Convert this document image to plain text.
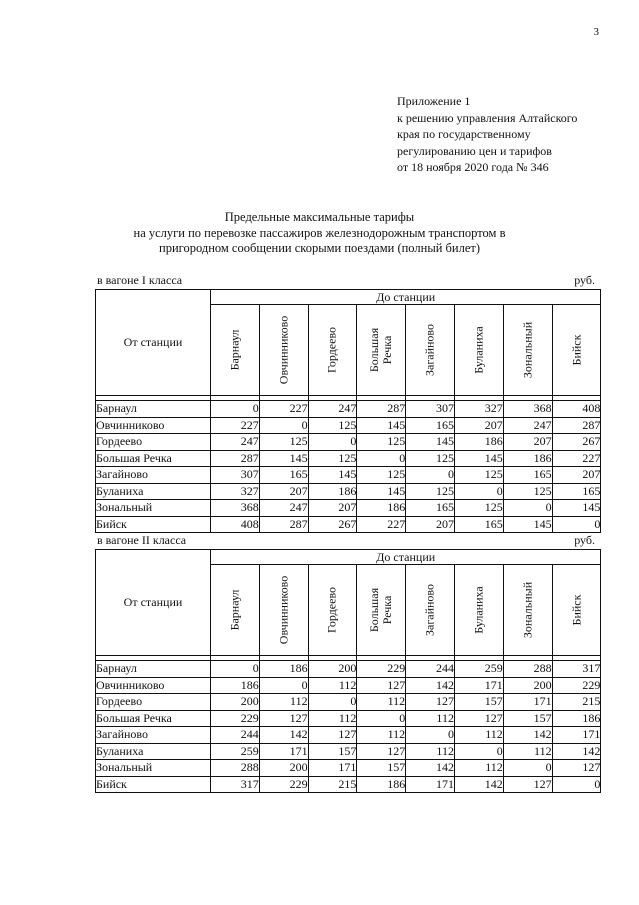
3
Приложение 1
к решению управления Алтайского
края по государственному
регулированию цен и тарифов
от 18 ноября 2020 года № 346
Предельные максимальные тарифы
на услуги по перевозке пассажиров железнодорожным транспортом в
пригородном сообщении скорыми поездами (полный билет)
в вагоне I класса	руб.
От станции	До станции							

	Барнаул	Овчинниково	Гордеево	Большая Речка	Загайново	Буланиха	Зональный	Бийск

Барнаул	0	227	247	287	307	327	368	408
Овчинниково	227	0	125	145	165	207	247	287
Гордеево	247	125	0	125	145	186	207	267
Большая Речка	287	145	125	0	125	145	186	227
Загайново	307	165	145	125	0	125	165	207
Буланиха	327	207	186	145	125	0	125	165
Зональный	368	247	207	186	165	125	0	145
Бийск	408	287	267	227	207	165	145	0
в вагоне II класса	руб.
От станции	До станции							

	Барнаул	Овчинниково	Гордеево	Большая Речка	Загайново	Буланиха	Зональный	Бийск

Барнаул	0	186	200	229	244	259	288	317
Овчинниково	186	0	112	127	142	171	200	229
Гордеево	200	112	0	112	127	157	171	215
Большая Речка	229	127	112	0	112	127	157	186
Загайново	244	142	127	112	0	112	142	171
Буланиха	259	171	157	127	112	0	112	142
Зональный	288	200	171	157	142	112	0	127
Бийск	317	229	215	186	171	142	127	0
